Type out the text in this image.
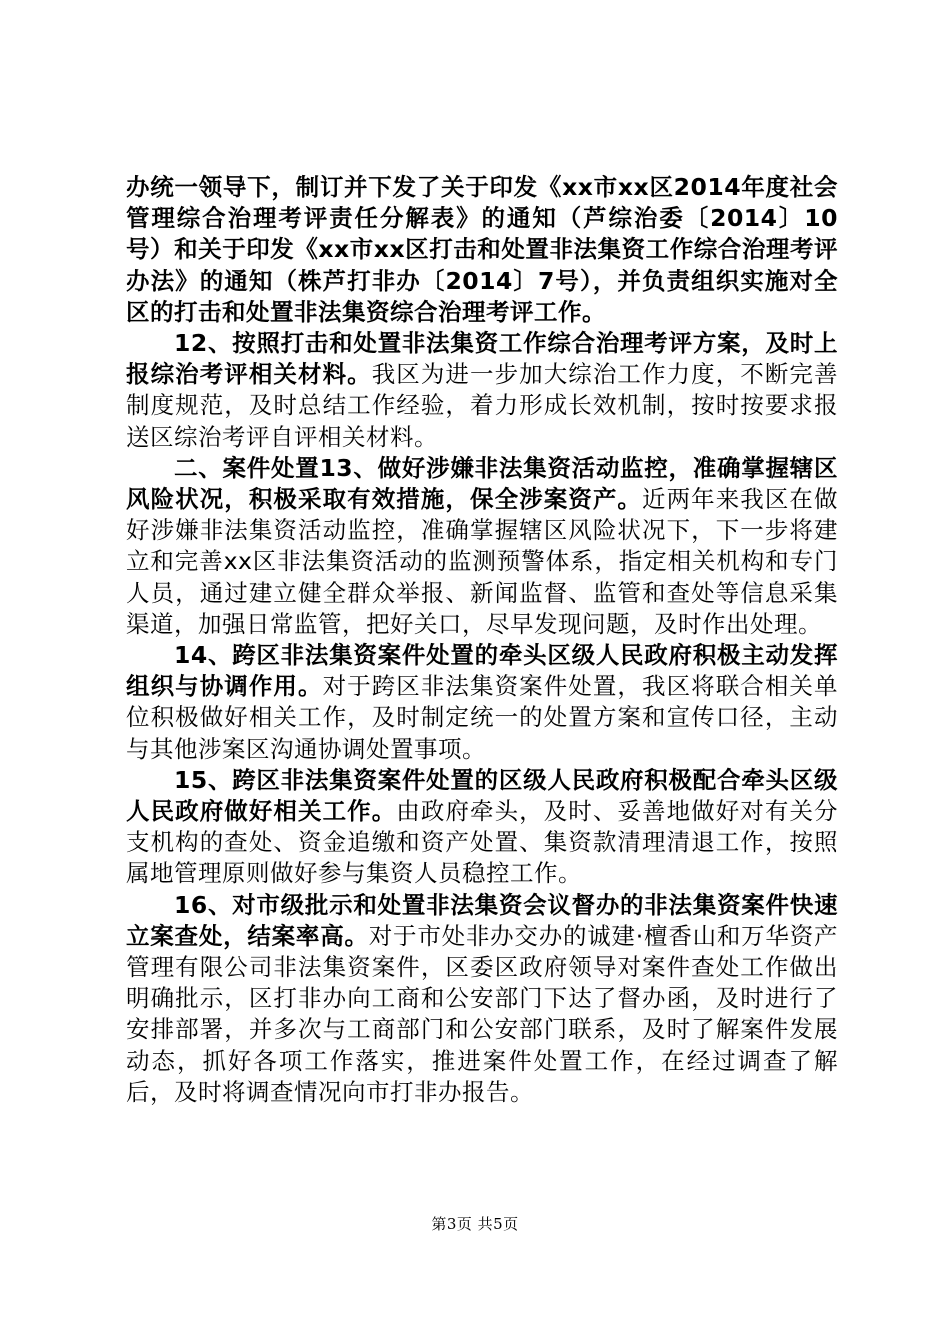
办统一领导下，制订并下发了关于印发《xx市xx区2014年度社会管理综合治理考评责任分解表》的通知（芦综治委〔2014〕10号）和关于印发《xx市xx区打击和处置非法集资工作综合治理考评办法》的通知（株芦打非办〔2014〕7号），并负责组织实施对全区的打击和处置非法集资综合治理考评工作。

12、按照打击和处置非法集资工作综合治理考评方案，及时上报综治考评相关材料。我区为进一步加大综治工作力度，不断完善制度规范，及时总结工作经验，着力形成长效机制，按时按要求报送区综治考评自评相关材料。

二、案件处置13、做好涉嫌非法集资活动监控，准确掌握辖区风险状况，积极采取有效措施，保全涉案资产。近两年来我区在做好涉嫌非法集资活动监控，准确掌握辖区风险状况下，下一步将建立和完善xx区非法集资活动的监测预警体系，指定相关机构和专门人员，通过建立健全群众举报、新闻监督、监管和查处等信息采集渠道，加强日常监管，把好关口，尽早发现问题，及时作出处理。

14、跨区非法集资案件处置的牵头区级人民政府积极主动发挥组织与协调作用。对于跨区非法集资案件处置，我区将联合相关单位积极做好相关工作，及时制定统一的处置方案和宣传口径，主动与其他涉案区沟通协调处置事项。

15、跨区非法集资案件处置的区级人民政府积极配合牵头区级人民政府做好相关工作。由政府牵头，及时、妥善地做好对有关分支机构的查处、资金追缴和资产处置、集资款清理清退工作，按照属地管理原则做好参与集资人员稳控工作。

16、对市级批示和处置非法集资会议督办的非法集资案件快速立案查处，结案率高。对于市处非办交办的诚建·檀香山和万华资产管理有限公司非法集资案件，区委区政府领导对案件查处工作做出明确批示，区打非办向工商和公安部门下达了督办函，及时进行了安排部署，并多次与工商部门和公安部门联系，及时了解案件发展动态，抓好各项工作落实，推进案件处置工作，在经过调查了解后，及时将调查情况向市打非办报告。

第3页 共5页
